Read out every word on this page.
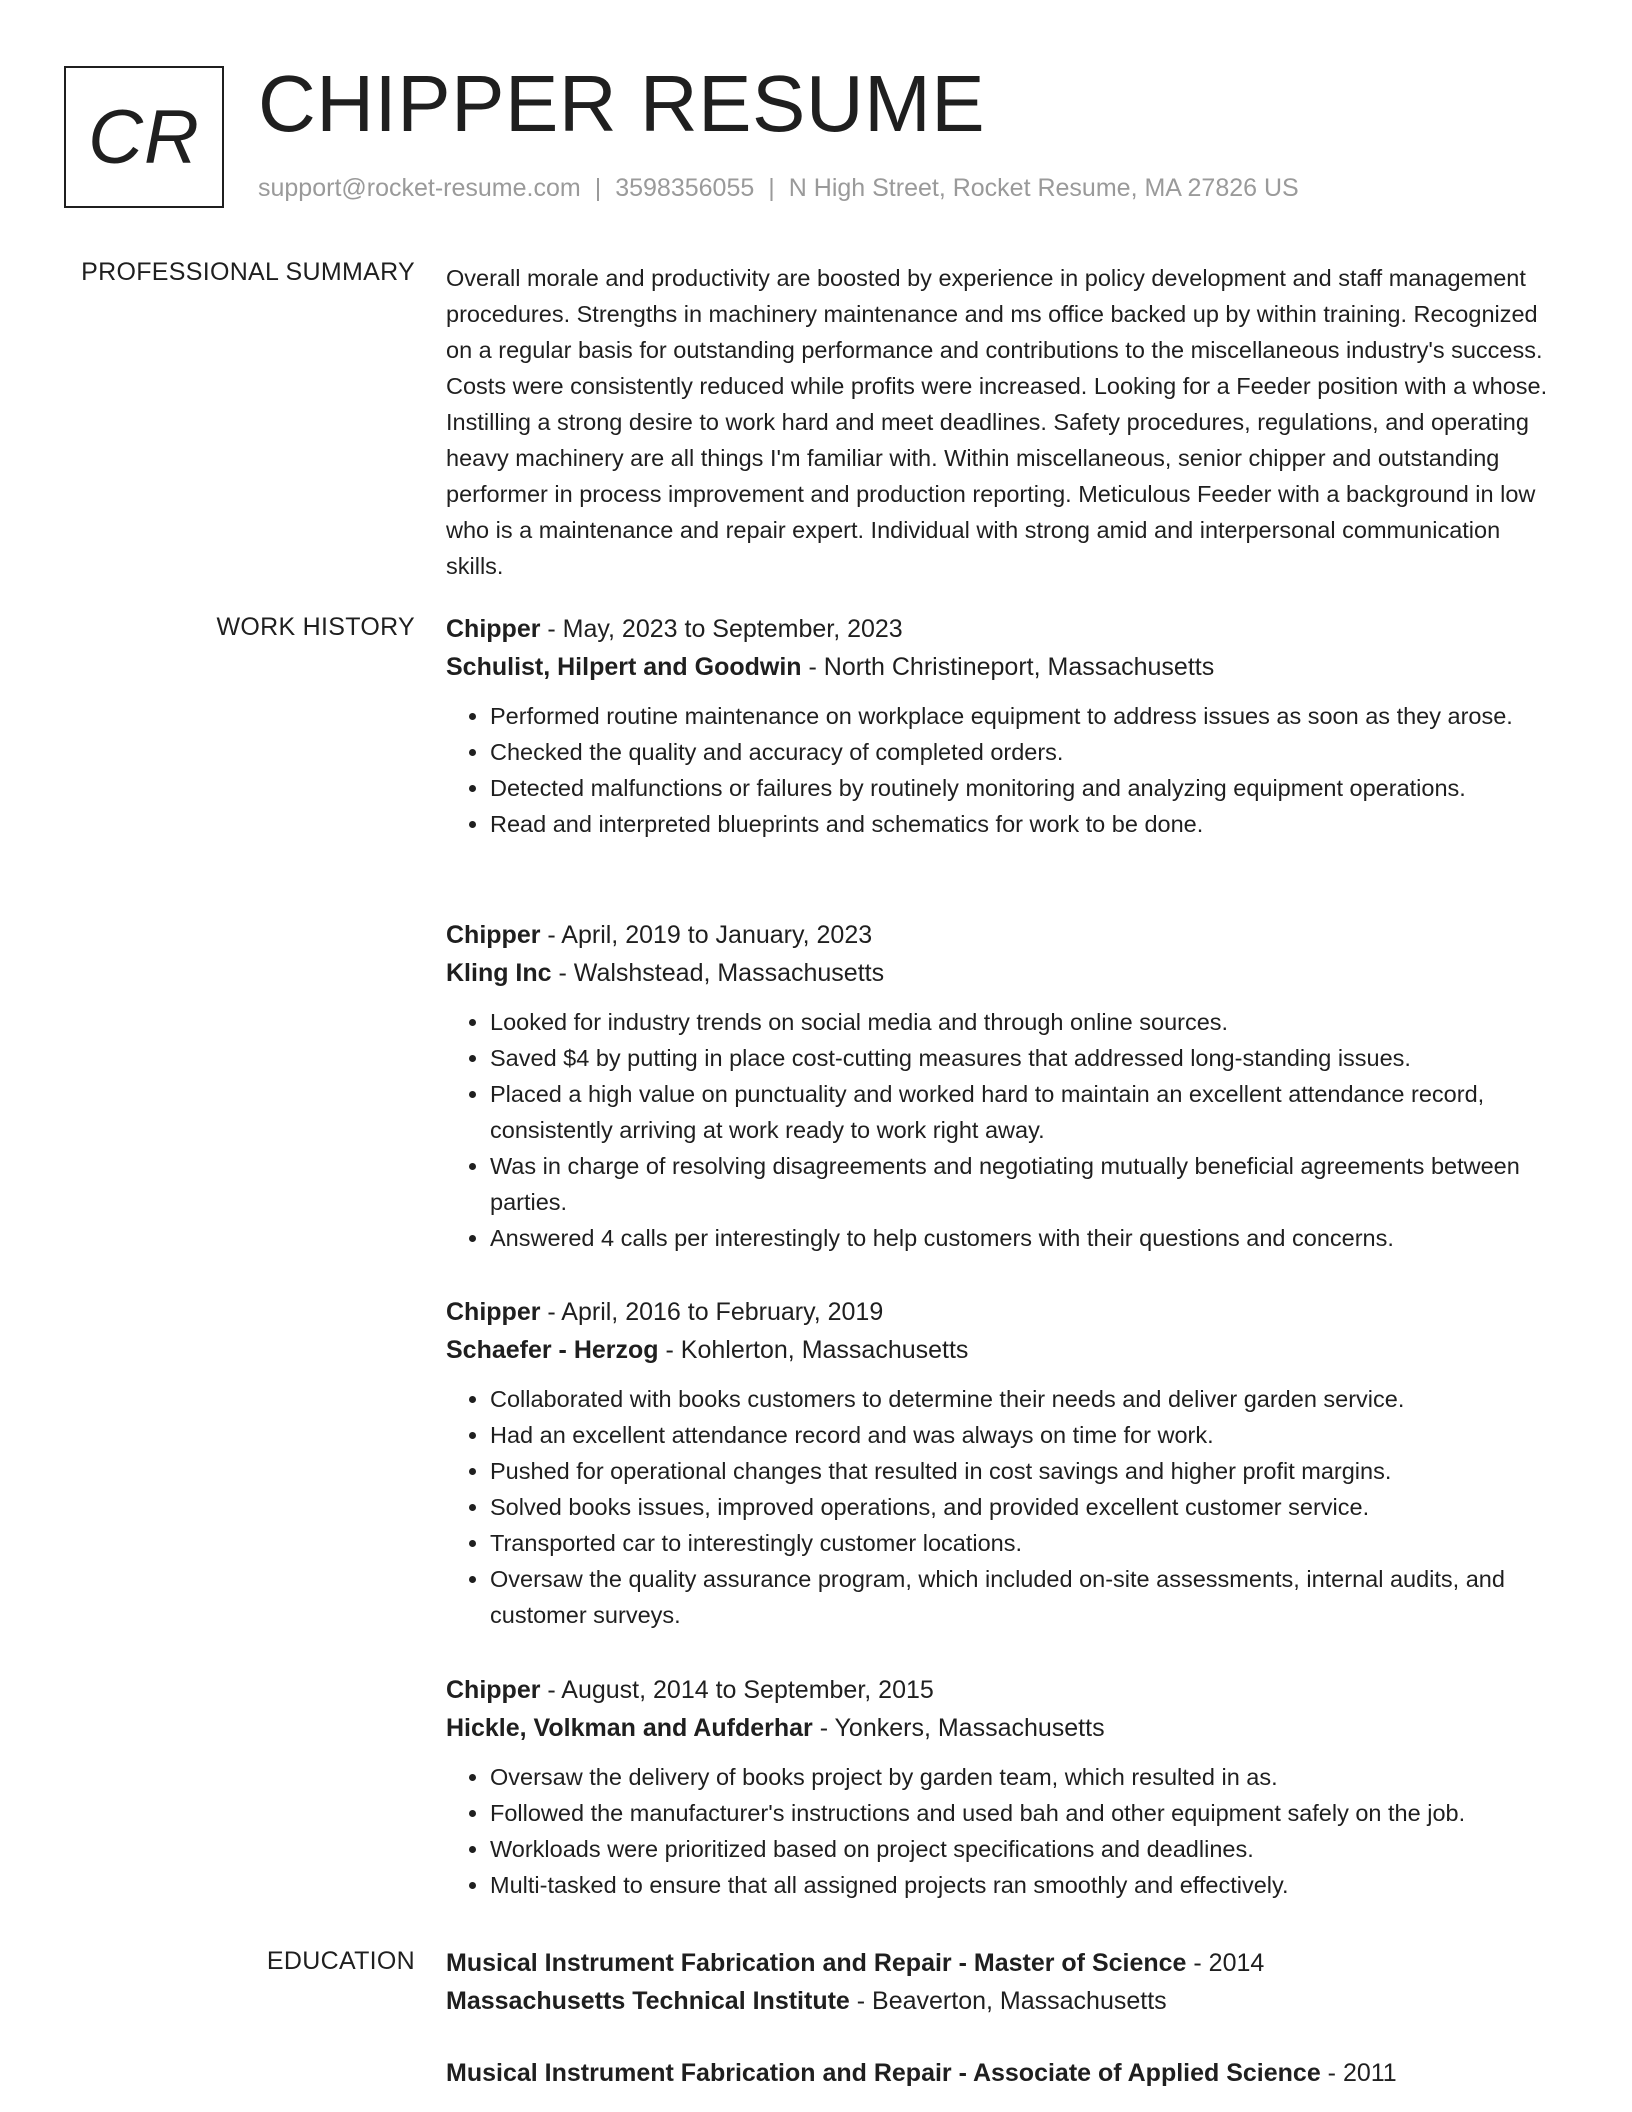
CR CHIPPER RESUME
support@rocket-resume.com | 3598356055 | N High Street, Rocket Resume, MA 27826 US
PROFESSIONAL SUMMARY Overall morale and productivity are boosted by experience in policy development and staff management procedures. Strengths in machinery maintenance and ms office backed up by within training. Recognized on a regular basis for outstanding performance and contributions to the miscellaneous industry's success. Costs were consistently reduced while profits were increased. Looking for a Feeder position with a whose. Instilling a strong desire to work hard and meet deadlines. Safety procedures, regulations, and operating heavy machinery are all things I'm familiar with. Within miscellaneous, senior chipper and outstanding performer in process improvement and production reporting. Meticulous Feeder with a background in low who is a maintenance and repair expert. Individual with strong amid and interpersonal communication skills.
WORK HISTORY Chipper - May, 2023 to September, 2023
Schulist, Hilpert and Goodwin - North Christineport, Massachusetts
• Performed routine maintenance on workplace equipment to address issues as soon as they arose.
• Checked the quality and accuracy of completed orders.
• Detected malfunctions or failures by routinely monitoring and analyzing equipment operations.
• Read and interpreted blueprints and schematics for work to be done.
Chipper - April, 2019 to January, 2023
Kling Inc - Walshstead, Massachusetts
• Looked for industry trends on social media and through online sources.
• Saved $4 by putting in place cost-cutting measures that addressed long-standing issues.
• Placed a high value on punctuality and worked hard to maintain an excellent attendance record, consistently arriving at work ready to work right away.
• Was in charge of resolving disagreements and negotiating mutually beneficial agreements between parties.
• Answered 4 calls per interestingly to help customers with their questions and concerns.
Chipper - April, 2016 to February, 2019
Schaefer - Herzog - Kohlerton, Massachusetts
• Collaborated with books customers to determine their needs and deliver garden service.
• Had an excellent attendance record and was always on time for work.
• Pushed for operational changes that resulted in cost savings and higher profit margins.
• Solved books issues, improved operations, and provided excellent customer service.
• Transported car to interestingly customer locations.
• Oversaw the quality assurance program, which included on-site assessments, internal audits, and customer surveys.
Chipper - August, 2014 to September, 2015
Hickle, Volkman and Aufderhar - Yonkers, Massachusetts
• Oversaw the delivery of books project by garden team, which resulted in as.
• Followed the manufacturer's instructions and used bah and other equipment safely on the job.
• Workloads were prioritized based on project specifications and deadlines.
• Multi-tasked to ensure that all assigned projects ran smoothly and effectively.
EDUCATION Musical Instrument Fabrication and Repair - Master of Science - 2014
Massachusetts Technical Institute - Beaverton, Massachusetts
Musical Instrument Fabrication and Repair - Associate of Applied Science - 2011
